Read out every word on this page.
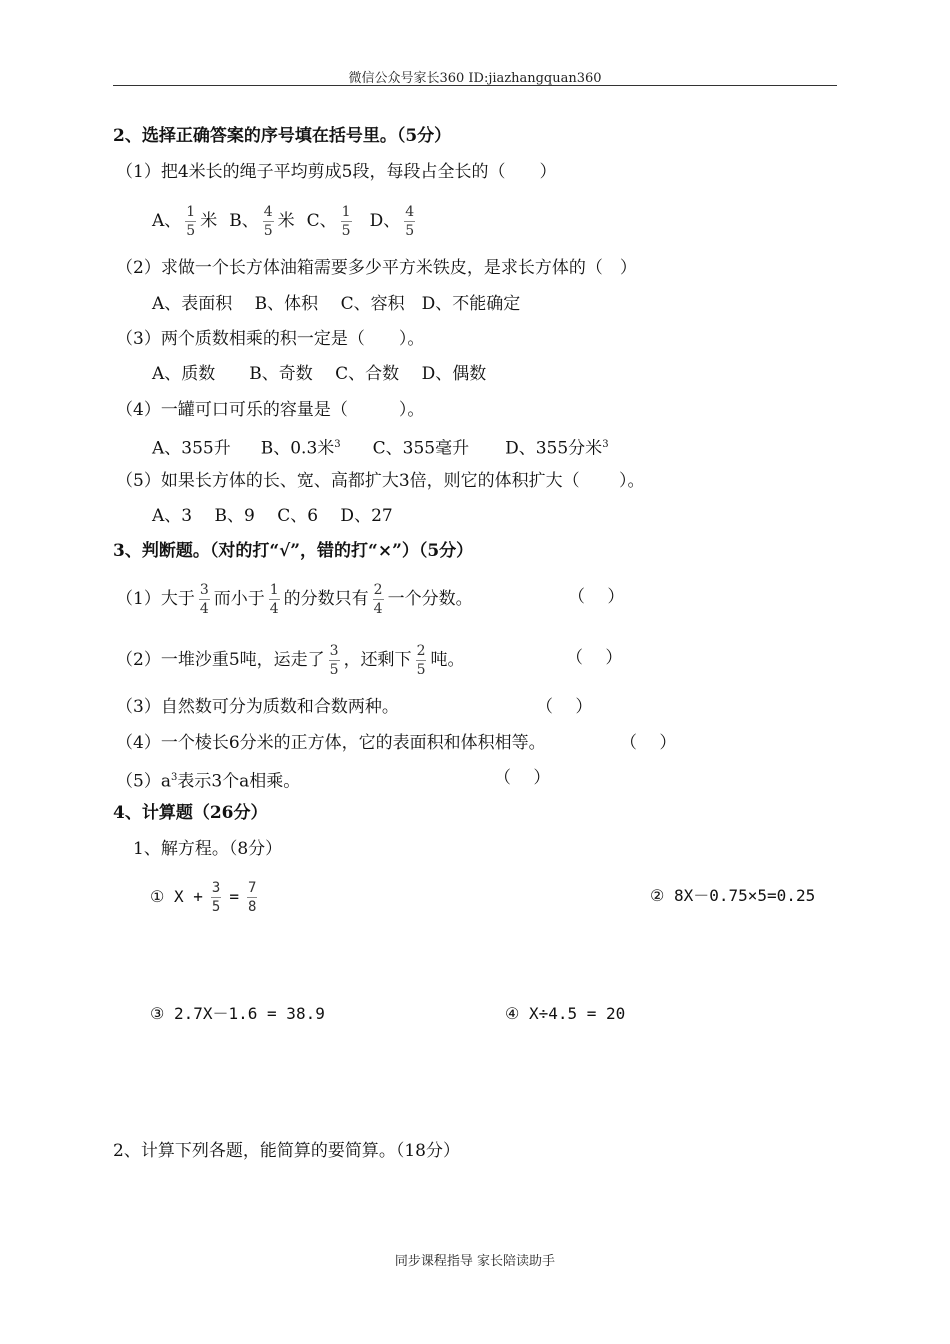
微信公众号家长360 ID:jiazhangquan360
2、选择正确答案的序号填在括号里。（5分）
（1）把4米长的绳子平均剪成5段，每段占全长的（　　）
A、 $\frac{1}{5}$ 米 B、 $\frac{4}{5}$ 米 C、 $\frac{1}{5}$ D、 $\frac{4}{5}$
（2）求做一个长方体油箱需要多少平方米铁皮，是求长方体的（　）
A、表面积　 B、体积　 C、容积　D、不能确定
（3）两个质数相乘的积一定是（　　）。
A、质数　　B、奇数　 C、合数　 D、偶数
（4）一罐可口可乐的容量是（　　　）。
A、355升 B、0.3米$^3$ C、355毫升 D、355分米$^3$
（5）如果长方体的长、宽、高都扩大3倍，则它的体积扩大（　　 ）。
A、3　 B、9　 C、6　 D、27
3、判断题。（对的打“√”，错的打“×”）（5分）
（1）大于 $\frac{3}{4}$ 而小于 $\frac{1}{4}$ 的分数只有 $\frac{2}{4}$ 一个分数。	（　 ）
（2）一堆沙重5吨，运走了 $\frac{3}{5}$ ，还剩下 $\frac{2}{5}$ 吨。	（　 ）
（3）自然数可分为质数和合数两种。	（　 ）
（4）一个棱长6分米的正方体，它的表面积和体积相等。	（　 ）
$(5)a^3$表示3个a相乘。	（　 ）
4、计算题（26分）
1、解方程。（8分）
① $X + \frac{3}{5} = \frac{7}{8}$	② 8X－0.75×5=0.25
③ 2.7X－1.6 = 38.9	④ X÷4.5 = 20
2、计算下列各题，能简算的要简算。（18分）
同步课程指导 家长陪读助手
